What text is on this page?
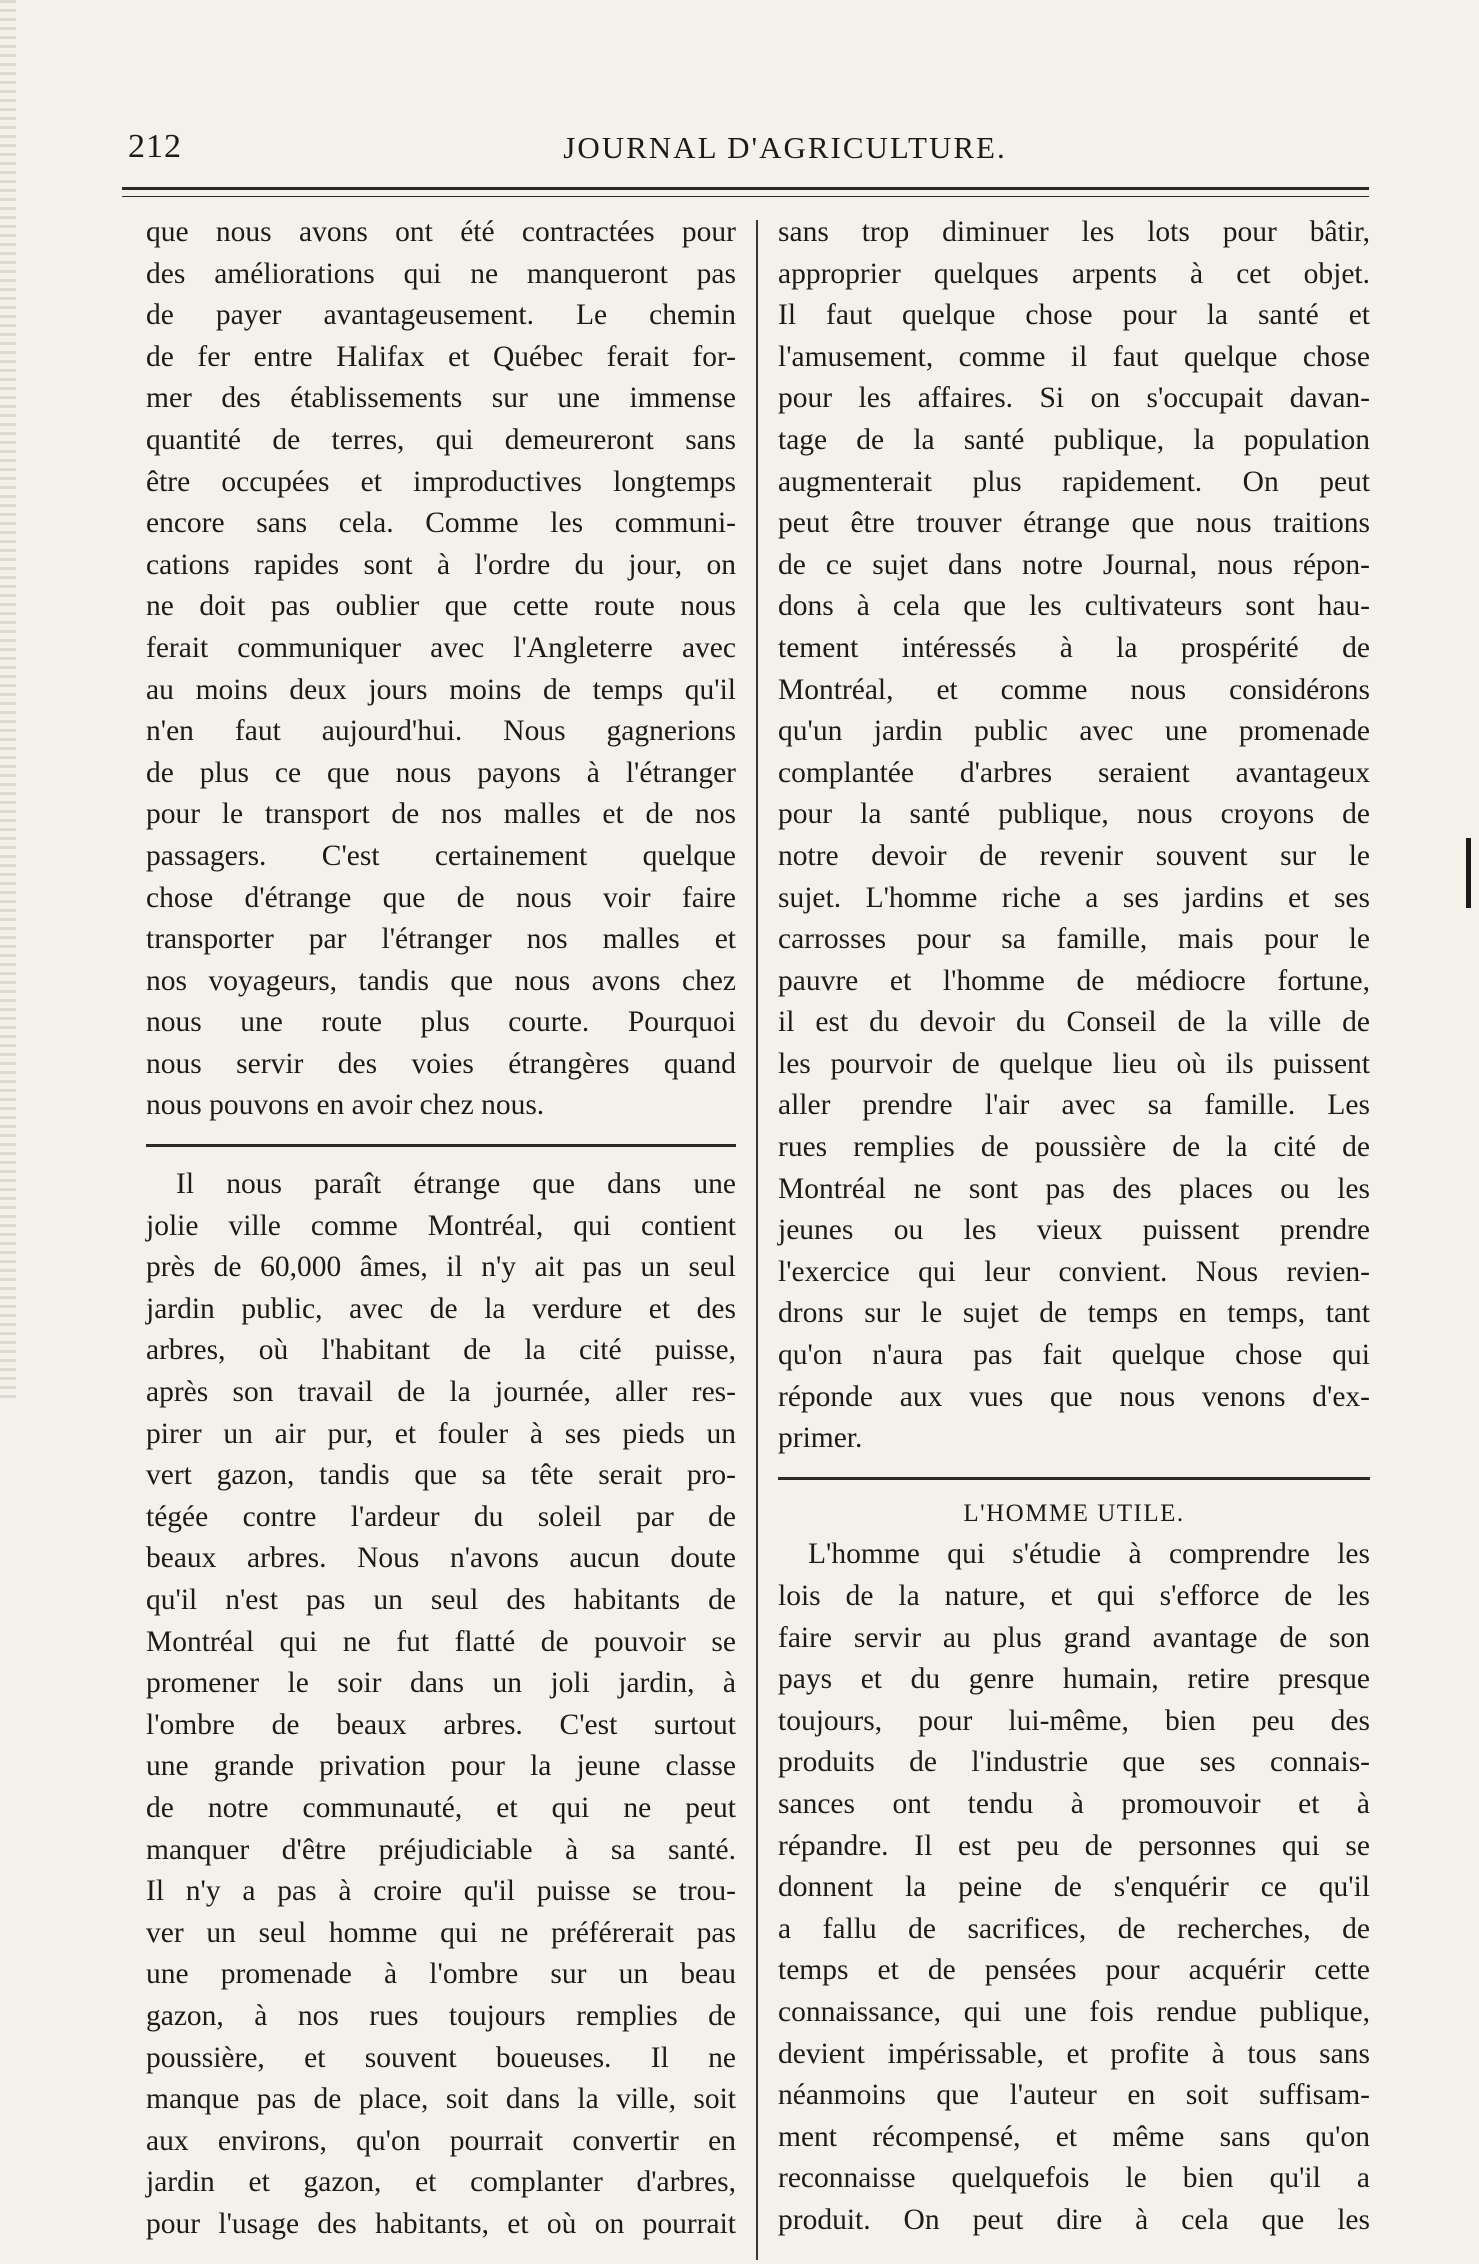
212	JOURNAL D'AGRICULTURE.
que nous avons ont été contractées pour
des améliorations qui ne manqueront pas
de payer avantageusement. Le chemin
de fer entre Halifax et Québec ferait for-
mer des établissements sur une immense
quantité de terres, qui demeureront sans
être occupées et improductives longtemps
encore sans cela. Comme les communi-
cations rapides sont à l'ordre du jour, on
ne doit pas oublier que cette route nous
ferait communiquer avec l'Angleterre avec
au moins deux jours moins de temps qu'il
n'en faut aujourd'hui. Nous gagnerions
de plus ce que nous payons à l'étranger
pour le transport de nos malles et de nos
passagers. C'est certainement quelque
chose d'étrange que de nous voir faire
transporter par l'étranger nos malles et
nos voyageurs, tandis que nous avons chez
nous une route plus courte. Pourquoi
nous servir des voies étrangères quand
nous pouvons en avoir chez nous.
Il nous paraît étrange que dans une
jolie ville comme Montréal, qui contient
près de 60,000 âmes, il n'y ait pas un seul
jardin public, avec de la verdure et des
arbres, où l'habitant de la cité puisse,
après son travail de la journée, aller res-
pirer un air pur, et fouler à ses pieds un
vert gazon, tandis que sa tête serait pro-
tégée contre l'ardeur du soleil par de
beaux arbres. Nous n'avons aucun doute
qu'il n'est pas un seul des habitants de
Montréal qui ne fut flatté de pouvoir se
promener le soir dans un joli jardin, à
l'ombre de beaux arbres. C'est surtout
une grande privation pour la jeune classe
de notre communauté, et qui ne peut
manquer d'être préjudiciable à sa santé.
Il n'y a pas à croire qu'il puisse se trou-
ver un seul homme qui ne préférerait pas
une promenade à l'ombre sur un beau
gazon, à nos rues toujours remplies de
poussière, et souvent boueuses. Il ne
manque pas de place, soit dans la ville, soit
aux environs, qu'on pourrait convertir en
jardin et gazon, et complanter d'arbres,
pour l'usage des habitants, et où on pourrait
sans trop diminuer les lots pour bâtir,
approprier quelques arpents à cet objet.
Il faut quelque chose pour la santé et
l'amusement, comme il faut quelque chose
pour les affaires. Si on s'occupait davan-
tage de la santé publique, la population
augmenterait plus rapidement. On peut
peut être trouver étrange que nous traitions
de ce sujet dans notre Journal, nous répon-
dons à cela que les cultivateurs sont hau-
tement intéressés à la prospérité de
Montréal, et comme nous considérons
qu'un jardin public avec une promenade
complantée d'arbres seraient avantageux
pour la santé publique, nous croyons de
notre devoir de revenir souvent sur le
sujet. L'homme riche a ses jardins et ses
carrosses pour sa famille, mais pour le
pauvre et l'homme de médiocre fortune,
il est du devoir du Conseil de la ville de
les pourvoir de quelque lieu où ils puissent
aller prendre l'air avec sa famille. Les
rues remplies de poussière de la cité de
Montréal ne sont pas des places ou les
jeunes ou les vieux puissent prendre
l'exercice qui leur convient. Nous revien-
drons sur le sujet de temps en temps, tant
qu'on n'aura pas fait quelque chose qui
réponde aux vues que nous venons d'ex-
primer.
L'HOMME UTILE.
L'homme qui s'étudie à comprendre les
lois de la nature, et qui s'efforce de les
faire servir au plus grand avantage de son
pays et du genre humain, retire presque
toujours, pour lui-même, bien peu des
produits de l'industrie que ses connais-
sances ont tendu à promouvoir et à
répandre. Il est peu de personnes qui se
donnent la peine de s'enquérir ce qu'il
a fallu de sacrifices, de recherches, de
temps et de pensées pour acquérir cette
connaissance, qui une fois rendue publique,
devient impérissable, et profite à tous sans
néanmoins que l'auteur en soit suffisam-
ment récompensé, et même sans qu'on
reconnaisse quelquefois le bien qu'il a
produit. On peut dire à cela que les
